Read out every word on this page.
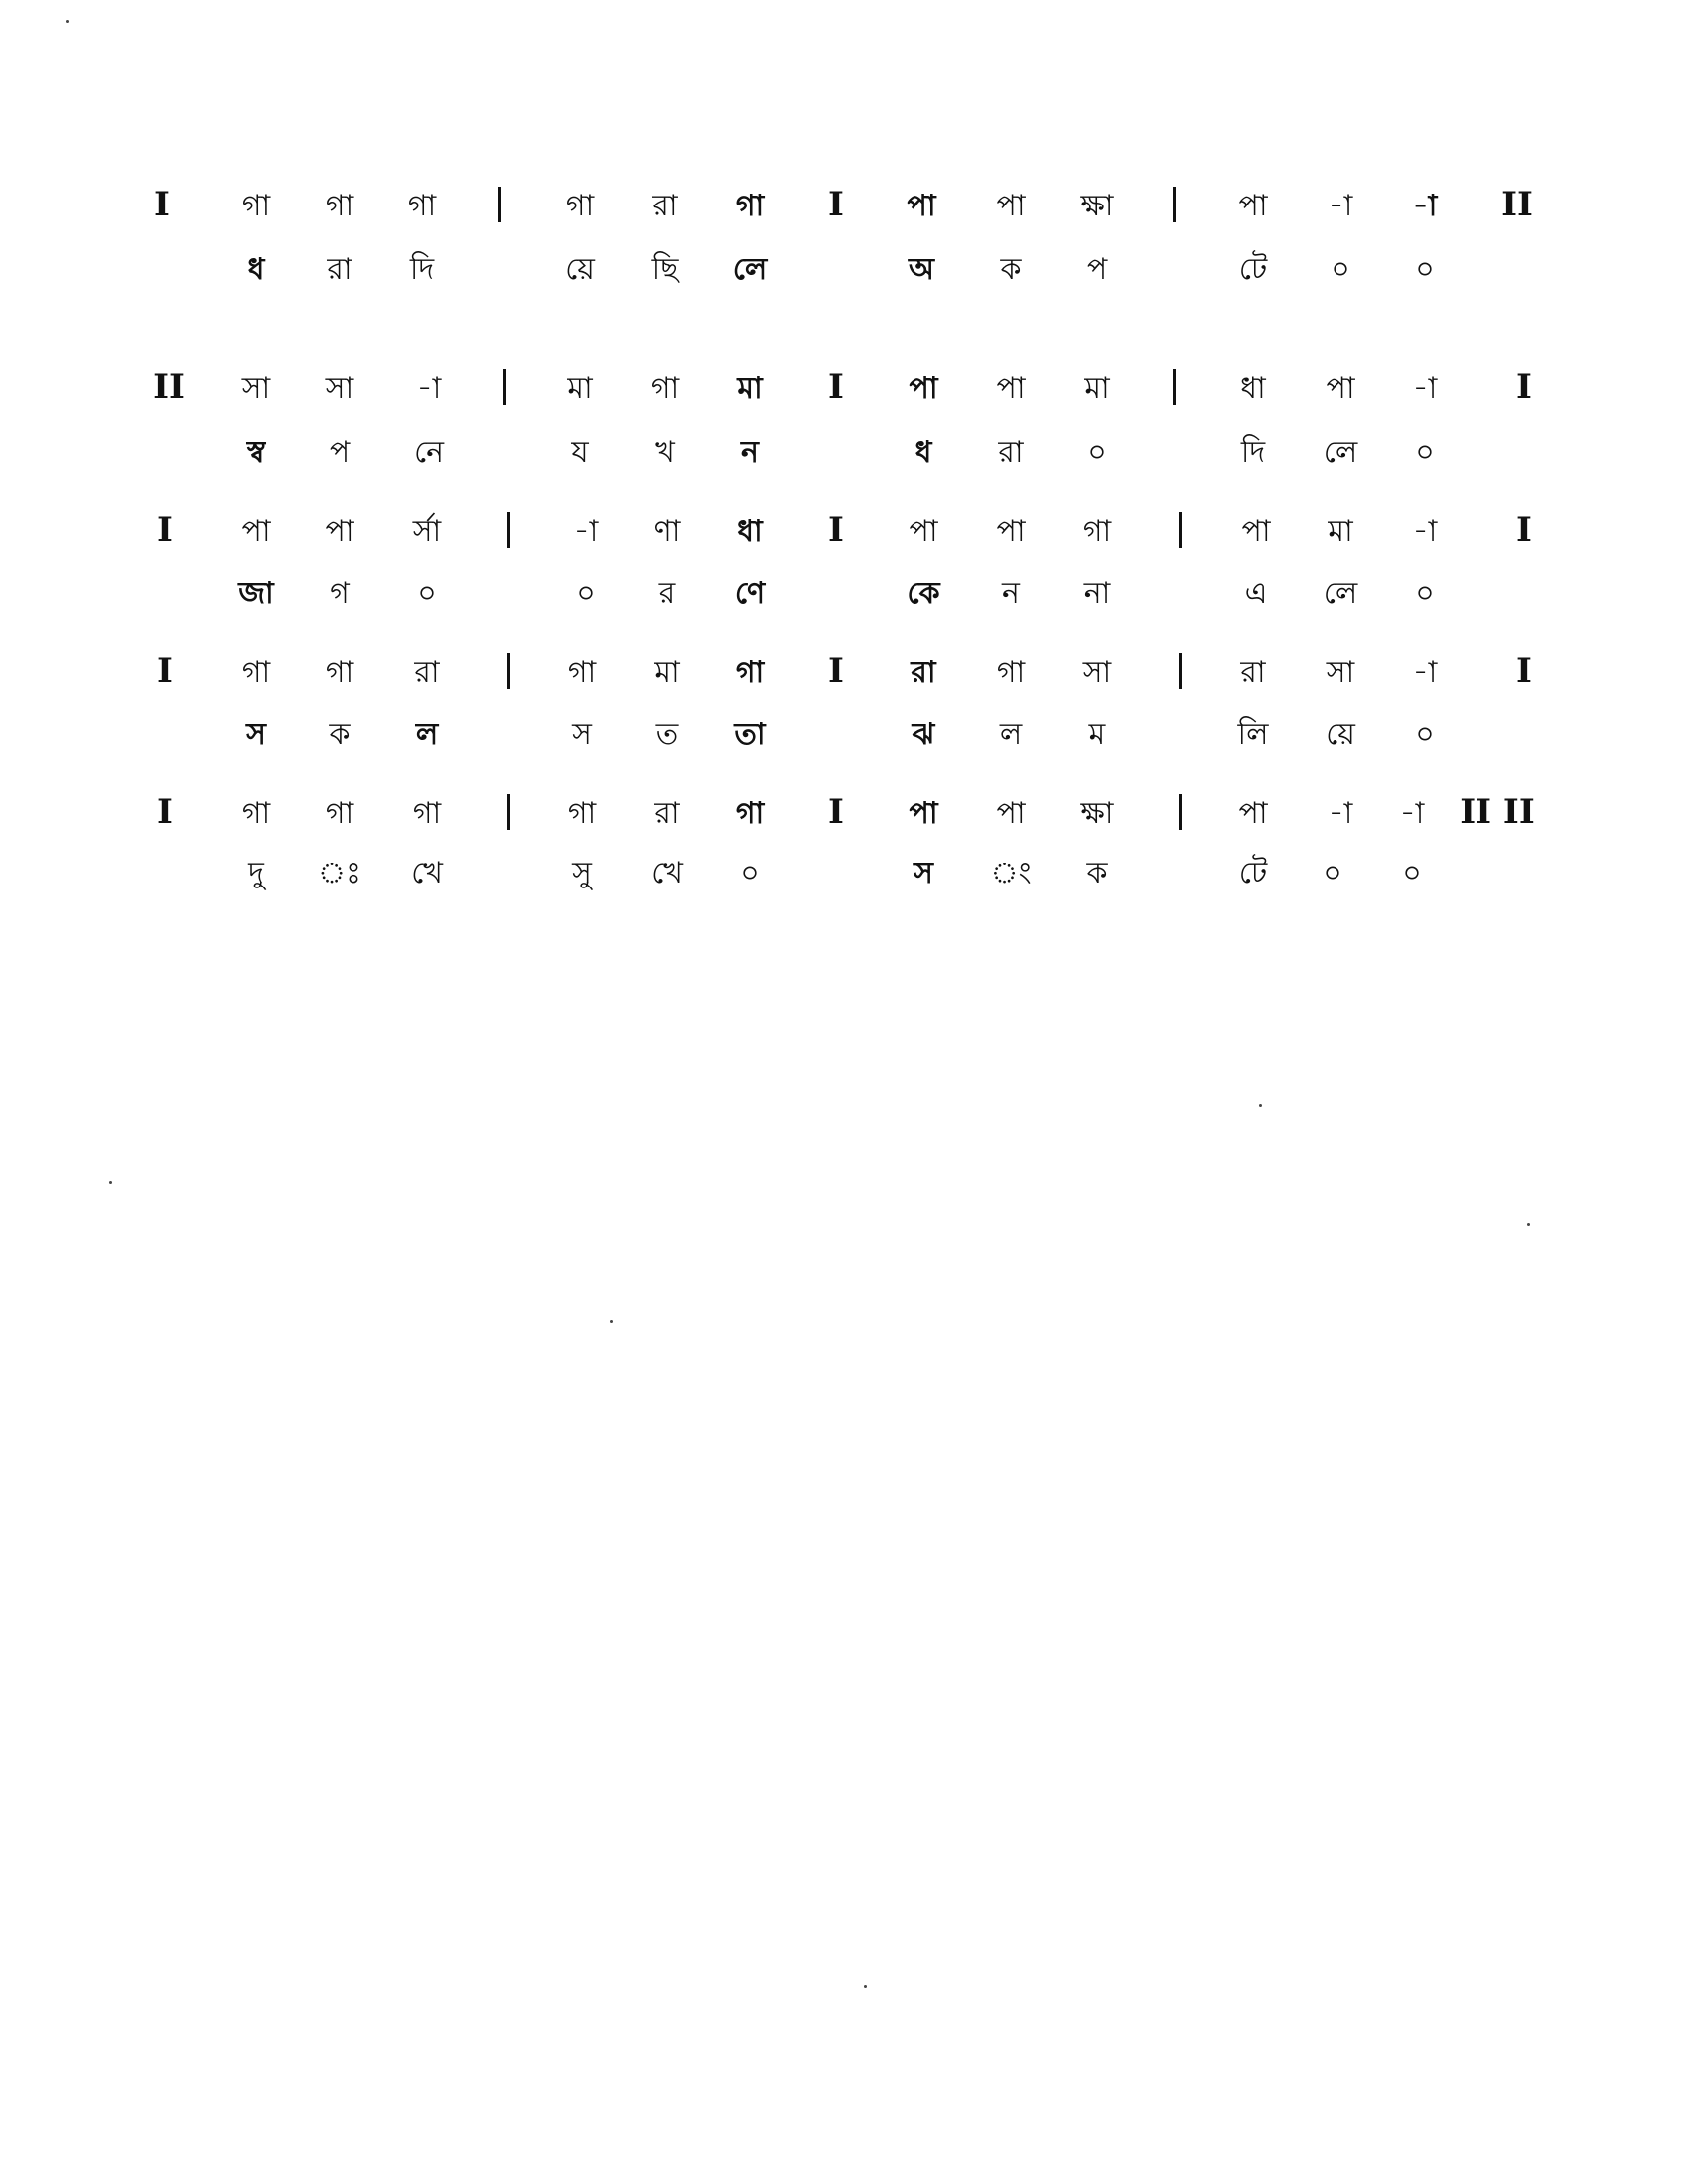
I	গা	গা	গা	গা	রা	গা	I	পা	পা	ক্ষা	পা	-া	-া	II
ধ	রা	দি	য়ে	ছি	লে	অ	ক	প	টে	০	০
II	সা	সা	-া	মা	গা	মা	I	পা	পা	মা	ধা	পা	-া	I
স্ব	প	নে	য	খ	ন	ধ	রা	০	দি	লে	০
I	পা	পা	র্সা	-া	ণা	ধা	I	পা	পা	গা	পা	মা	-া	I
জা	গ	০	০	র	ণে	কে	ন	না	এ	লে	০
I	গা	গা	রা	গা	মা	গা	I	রা	গা	সা	রা	সা	-া	I
স	ক	ল	স	ত	তা	ঝ	ল	ম	লি	য়ে	০
I	গা	গা	গা	গা	রা	গা	I	পা	পা	ক্ষা	পা	-া	-া	II II
দু	ঃ	খে	সু	খে	০	স	ং	ক	টে	০	০
